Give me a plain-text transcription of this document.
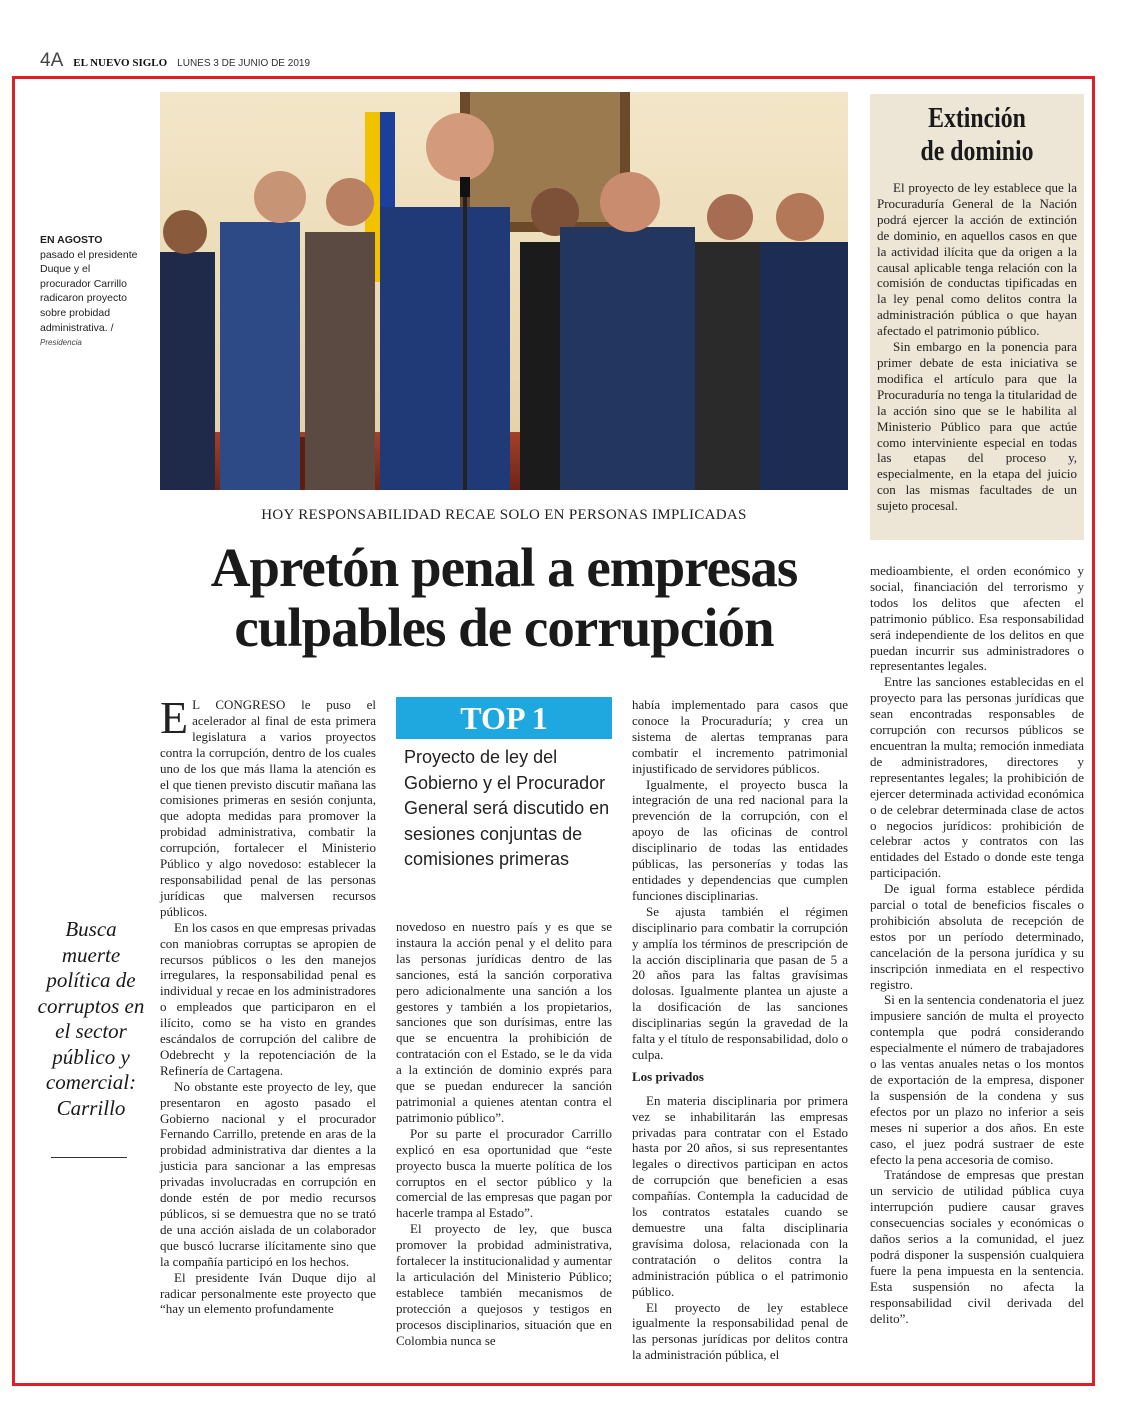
4A EL NUEVO SIGLO LUNES 3 DE JUNIO DE 2019
EN AGOSTO
pasado el presidente Duque y el procurador Carrillo radicaron proyecto sobre probidad administrativa. /
Presidencia
Extinción
de dominio

El proyecto de ley establece que la Procuraduría General de la Nación podrá ejercer la acción de extinción de dominio, en aquellos casos en que la actividad ilícita que da origen a la causal aplicable tenga relación con la comisión de conductas tipificadas en la ley penal como delitos contra la administración pública o que hayan afectado el patrimonio público.

Sin embargo en la ponencia para primer debate de esta iniciativa se modifica el artículo para que la Procuraduría no tenga la titularidad de la acción sino que se le habilita al Ministerio Público para que actúe como interviniente especial en todas las etapas del proceso y, especialmente, en la etapa del juicio con las mismas facultades de un sujeto procesal.

HOY RESPONSABILIDAD RECAE SOLO EN PERSONAS IMPLICADAS
Apretón penal a empresas
culpables de corrupción
Busca muerte política de corruptos en el sector público y comercial: Carrillo

E L CONGRESO le puso el acelerador al final de esta primera legislatura a varios proyectos contra la corrupción, dentro de los cuales uno de los que más llama la atención es el que tienen previsto discutir mañana las comisiones primeras en sesión conjunta, que adopta medidas para promover la probidad administrativa, combatir la corrupción, fortalecer el Ministerio Público y algo novedoso: establecer la responsabilidad penal de las personas jurídicas que malversen recursos públicos.

En los casos en que empresas privadas con maniobras corruptas se apropien de recursos públicos o les den manejos irregulares, la responsabilidad penal es individual y recae en los administradores o empleados que participaron en el ilícito, como se ha visto en grandes escándalos de corrupción del calibre de Odebrecht y la repotenciación de la Refinería de Cartagena.

No obstante este proyecto de ley, que presentaron en agosto pasado el Gobierno nacional y el procurador Fernando Carrillo, pretende en aras de la probidad administrativa dar dientes a la justicia para sancionar a las empresas privadas involucradas en corrupción en donde estén de por medio recursos públicos, si se demuestra que no se trató de una acción aislada de un colaborador que buscó lucrarse ilícitamente sino que la compañía participó en los hechos.

El presidente Iván Duque dijo al radicar personalmente este proyecto que “hay un elemento profundamente

TOP 1
Proyecto de ley del Gobierno y el Procurador General será discutido en sesiones conjuntas de comisiones primeras

novedoso en nuestro país y es que se instaura la acción penal y el delito para las personas jurídicas dentro de las sanciones, está la sanción corporativa pero adicionalmente una sanción a los gestores y también a los propietarios, sanciones que son durísimas, entre las que se encuentra la prohibición de contratación con el Estado, se le da vida a la extinción de dominio exprés para que se puedan endurecer la sanción patrimonial a quienes atentan contra el patrimonio público”.

Por su parte el procurador Carrillo explicó en esa oportunidad que “este proyecto busca la muerte política de los corruptos en el sector público y la comercial de las empresas que pagan por hacerle trampa al Estado”.

El proyecto de ley, que busca promover la probidad administrativa, fortalecer la institucionalidad y aumentar la articulación del Ministerio Público; establece también mecanismos de protección a quejosos y testigos en procesos disciplinarios, situación que en Colombia nunca se

había implementado para casos que conoce la Procuraduría; y crea un sistema de alertas tempranas para combatir el incremento patrimonial injustificado de servidores públicos.

Igualmente, el proyecto busca la integración de una red nacional para la prevención de la corrupción, con el apoyo de las oficinas de control disciplinario de todas las entidades públicas, las personerías y todas las entidades y dependencias que cumplen funciones disciplinarias.

Se ajusta también el régimen disciplinario para combatir la corrupción y amplía los términos de prescripción de la acción disciplinaria que pasan de 5 a 20 años para las faltas gravísimas dolosas. Igualmente plantea un ajuste a la dosificación de las sanciones disciplinarias según la gravedad de la falta y el título de responsabilidad, dolo o culpa.

Los privados

En materia disciplinaria por primera vez se inhabilitarán las empresas privadas para contratar con el Estado hasta por 20 años, si sus representantes legales o directivos participan en actos de corrupción que beneficien a esas compañías. Contempla la caducidad de los contratos estatales cuando se demuestre una falta disciplinaria gravísima dolosa, relacionada con la contratación o delitos contra la administración pública o el patrimonio público.

El proyecto de ley establece igualmente la responsabilidad penal de las personas jurídicas por delitos contra la administración pública, el

medioambiente, el orden económico y social, financiación del terrorismo y todos los delitos que afecten el patrimonio público. Esa responsabilidad será independiente de los delitos en que puedan incurrir sus administradores o representantes legales.

Entre las sanciones establecidas en el proyecto para las personas jurídicas que sean encontradas responsables de corrupción con recursos públicos se encuentran la multa; remoción inmediata de administradores, directores y representantes legales; la prohibición de ejercer determinada actividad económica o de celebrar determinada clase de actos o negocios jurídicos: prohibición de celebrar actos y contratos con las entidades del Estado o donde este tenga participación.

De igual forma establece pérdida parcial o total de beneficios fiscales o prohibición absoluta de recepción de estos por un período determinado, cancelación de la persona jurídica y su inscripción inmediata en el respectivo registro.

Si en la sentencia condenatoria el juez impusiere sanción de multa el proyecto contempla que podrá considerando especialmente el número de trabajadores o las ventas anuales netas o los montos de exportación de la empresa, disponer la suspensión de la condena y sus efectos por un plazo no inferior a seis meses ni superior a dos años. En este caso, el juez podrá sustraer de este efecto la pena accesoria de comiso.

Tratándose de empresas que prestan un servicio de utilidad pública cuya interrupción pudiere causar graves consecuencias sociales y económicas o daños serios a la comunidad, el juez podrá disponer la suspensión cualquiera fuere la pena impuesta en la sentencia. Esta suspensión no afecta la responsabilidad civil derivada del delito”.
